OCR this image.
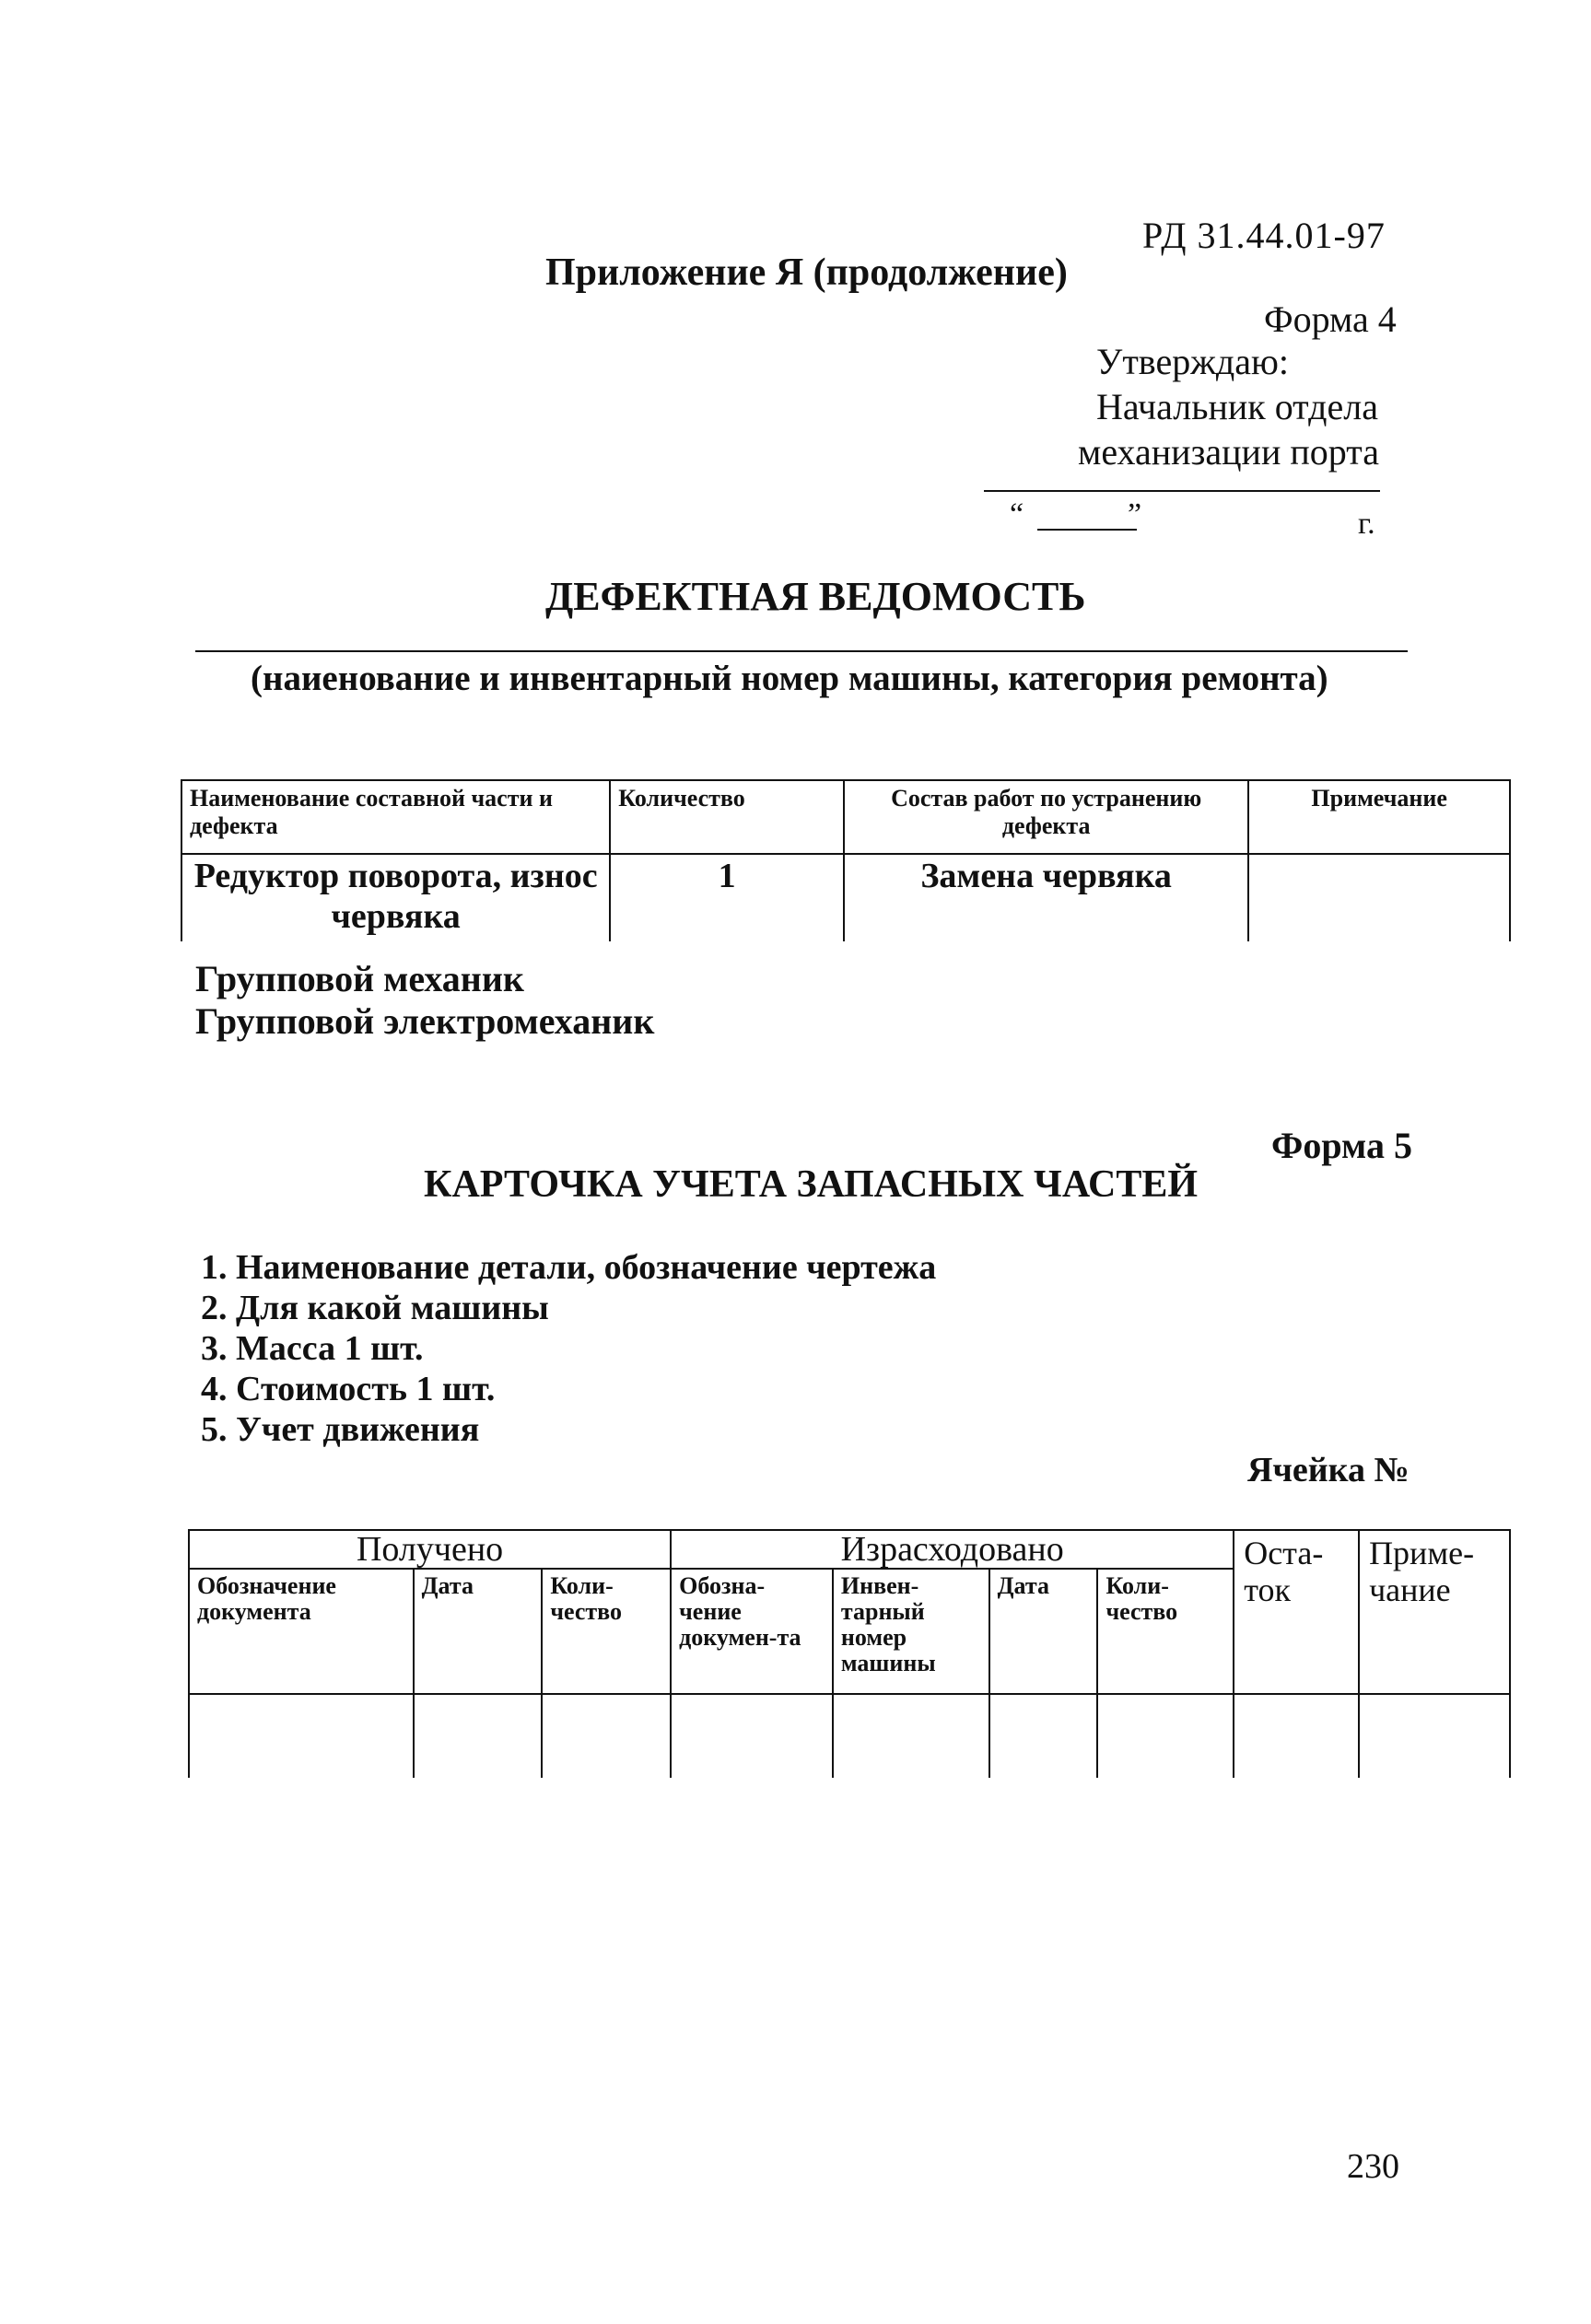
РД 31.44.01-97
Приложение Я (продолжение)
Форма 4
Утверждаю:
Начальник отдела
механизации порта
“	”	г.
ДЕФЕКТНАЯ ВЕДОМОСТЬ
(наиенование и инвентарный номер машины, категория ремонта)
Наименование составной части и дефекта	Количество	Состав работ по устранению дефекта	Примечание
Редуктор поворота, износ червяка	1	Замена червяка	
Групповой механик
Групповой электромеханик
Форма 5
КАРТОЧКА УЧЕТА ЗАПАСНЫХ ЧАСТЕЙ
1. Наименование детали, обозначение чертежа
2. Для какой машины
3. Масса 1 шт.
4. Стоимость 1 шт.
5. Учет движения
Ячейка №
Получено			Израсходовано				Оста-ток	Приме-чание
Обозначение документа	Дата	Коли-чество	Обозна-чение докумен-та	Инвен-тарный номер машины	Дата	Коли-чество		

230
